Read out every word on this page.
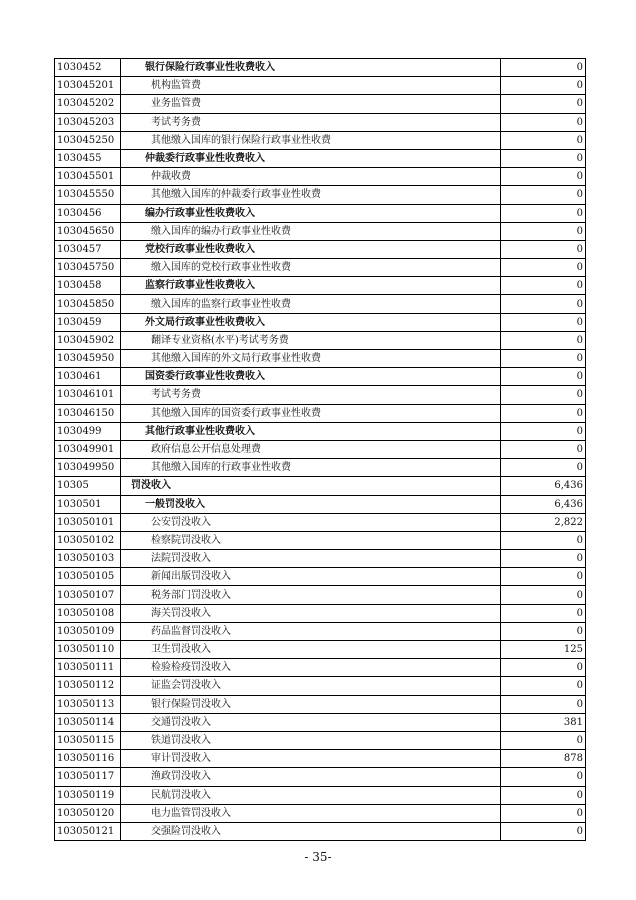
1030452	银行保险行政事业性收费收入	0
103045201	机构监管费	0
103045202	业务监管费	0
103045203	考试考务费	0
103045250	其他缴入国库的银行保险行政事业性收费	0
1030455	仲裁委行政事业性收费收入	0
103045501	仲裁收费	0
103045550	其他缴入国库的仲裁委行政事业性收费	0
1030456	编办行政事业性收费收入	0
103045650	缴入国库的编办行政事业性收费	0
1030457	党校行政事业性收费收入	0
103045750	缴入国库的党校行政事业性收费	0
1030458	监察行政事业性收费收入	0
103045850	缴入国库的监察行政事业性收费	0
1030459	外文局行政事业性收费收入	0
103045902	翻译专业资格(水平)考试考务费	0
103045950	其他缴入国库的外文局行政事业性收费	0
1030461	国资委行政事业性收费收入	0
103046101	考试考务费	0
103046150	其他缴入国库的国资委行政事业性收费	0
1030499	其他行政事业性收费收入	0
103049901	政府信息公开信息处理费	0
103049950	其他缴入国库的行政事业性收费	0
10305	罚没收入	6,436
1030501	一般罚没收入	6,436
103050101	公安罚没收入	2,822
103050102	检察院罚没收入	0
103050103	法院罚没收入	0
103050105	新闻出版罚没收入	0
103050107	税务部门罚没收入	0
103050108	海关罚没收入	0
103050109	药品监督罚没收入	0
103050110	卫生罚没收入	125
103050111	检验检疫罚没收入	0
103050112	证监会罚没收入	0
103050113	银行保险罚没收入	0
103050114	交通罚没收入	381
103050115	铁道罚没收入	0
103050116	审计罚没收入	878
103050117	渔政罚没收入	0
103050119	民航罚没收入	0
103050120	电力监管罚没收入	0
103050121	交强险罚没收入	0
- 35-
